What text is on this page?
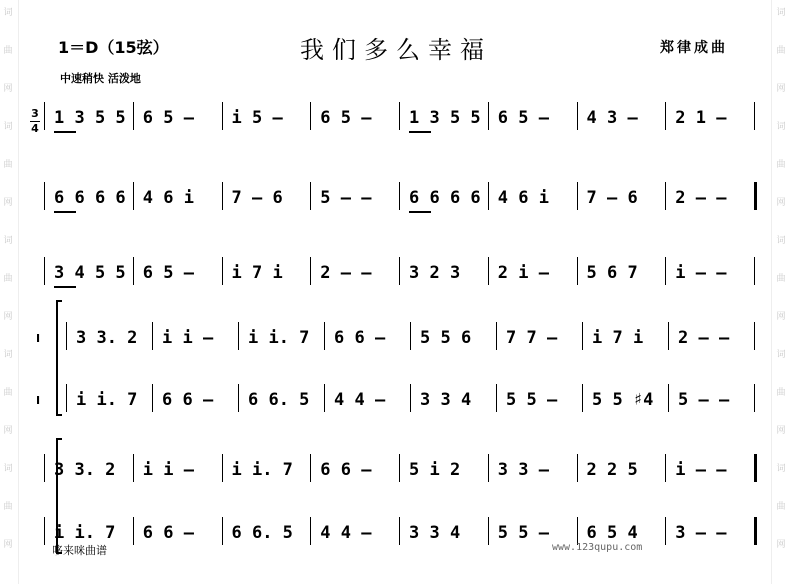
1＝D（15弦）	我们多么幸福	郑律成曲
中速稍快 活泼地
3
4
1 3 5 5 6 5 – i 5 – 6 5 – 1 3 5 5 6 5 – 4 3 – 2 1 –
6 6 6 6 4 6 i 7 – 6 5 – – 6 6 6 6 4 6 i 7 – 6 2 – –
3 4 5 5 6 5 – i 7 i 2 – – 3 2 3 2 i – 5 6 7 i – –
I 3 3. 2 i i – i i. 7 6 6 – 5 5 6 7 7 – i 7 i 2 – –
I i i. 7 6 6 – 6 6. 5 4 4 – 3 3 4 5 5 – 5 5 ♯4 5 – –
3 3. 2 i i – i i. 7 6 6 – 5 i 2 3 3 – 2 2 5 i – –
i i. 7 6 6 – 6 6. 5 4 4 – 3 3 4 5 5 – 6 5 4 3 – –
哆来咪曲谱	www.123qupu.com
词
曲
网
词
曲
网
词
曲
网
词
曲
网
词
曲
网
词
曲
网
词
曲
网
词
曲
网
词
曲
网
词
曲
网
